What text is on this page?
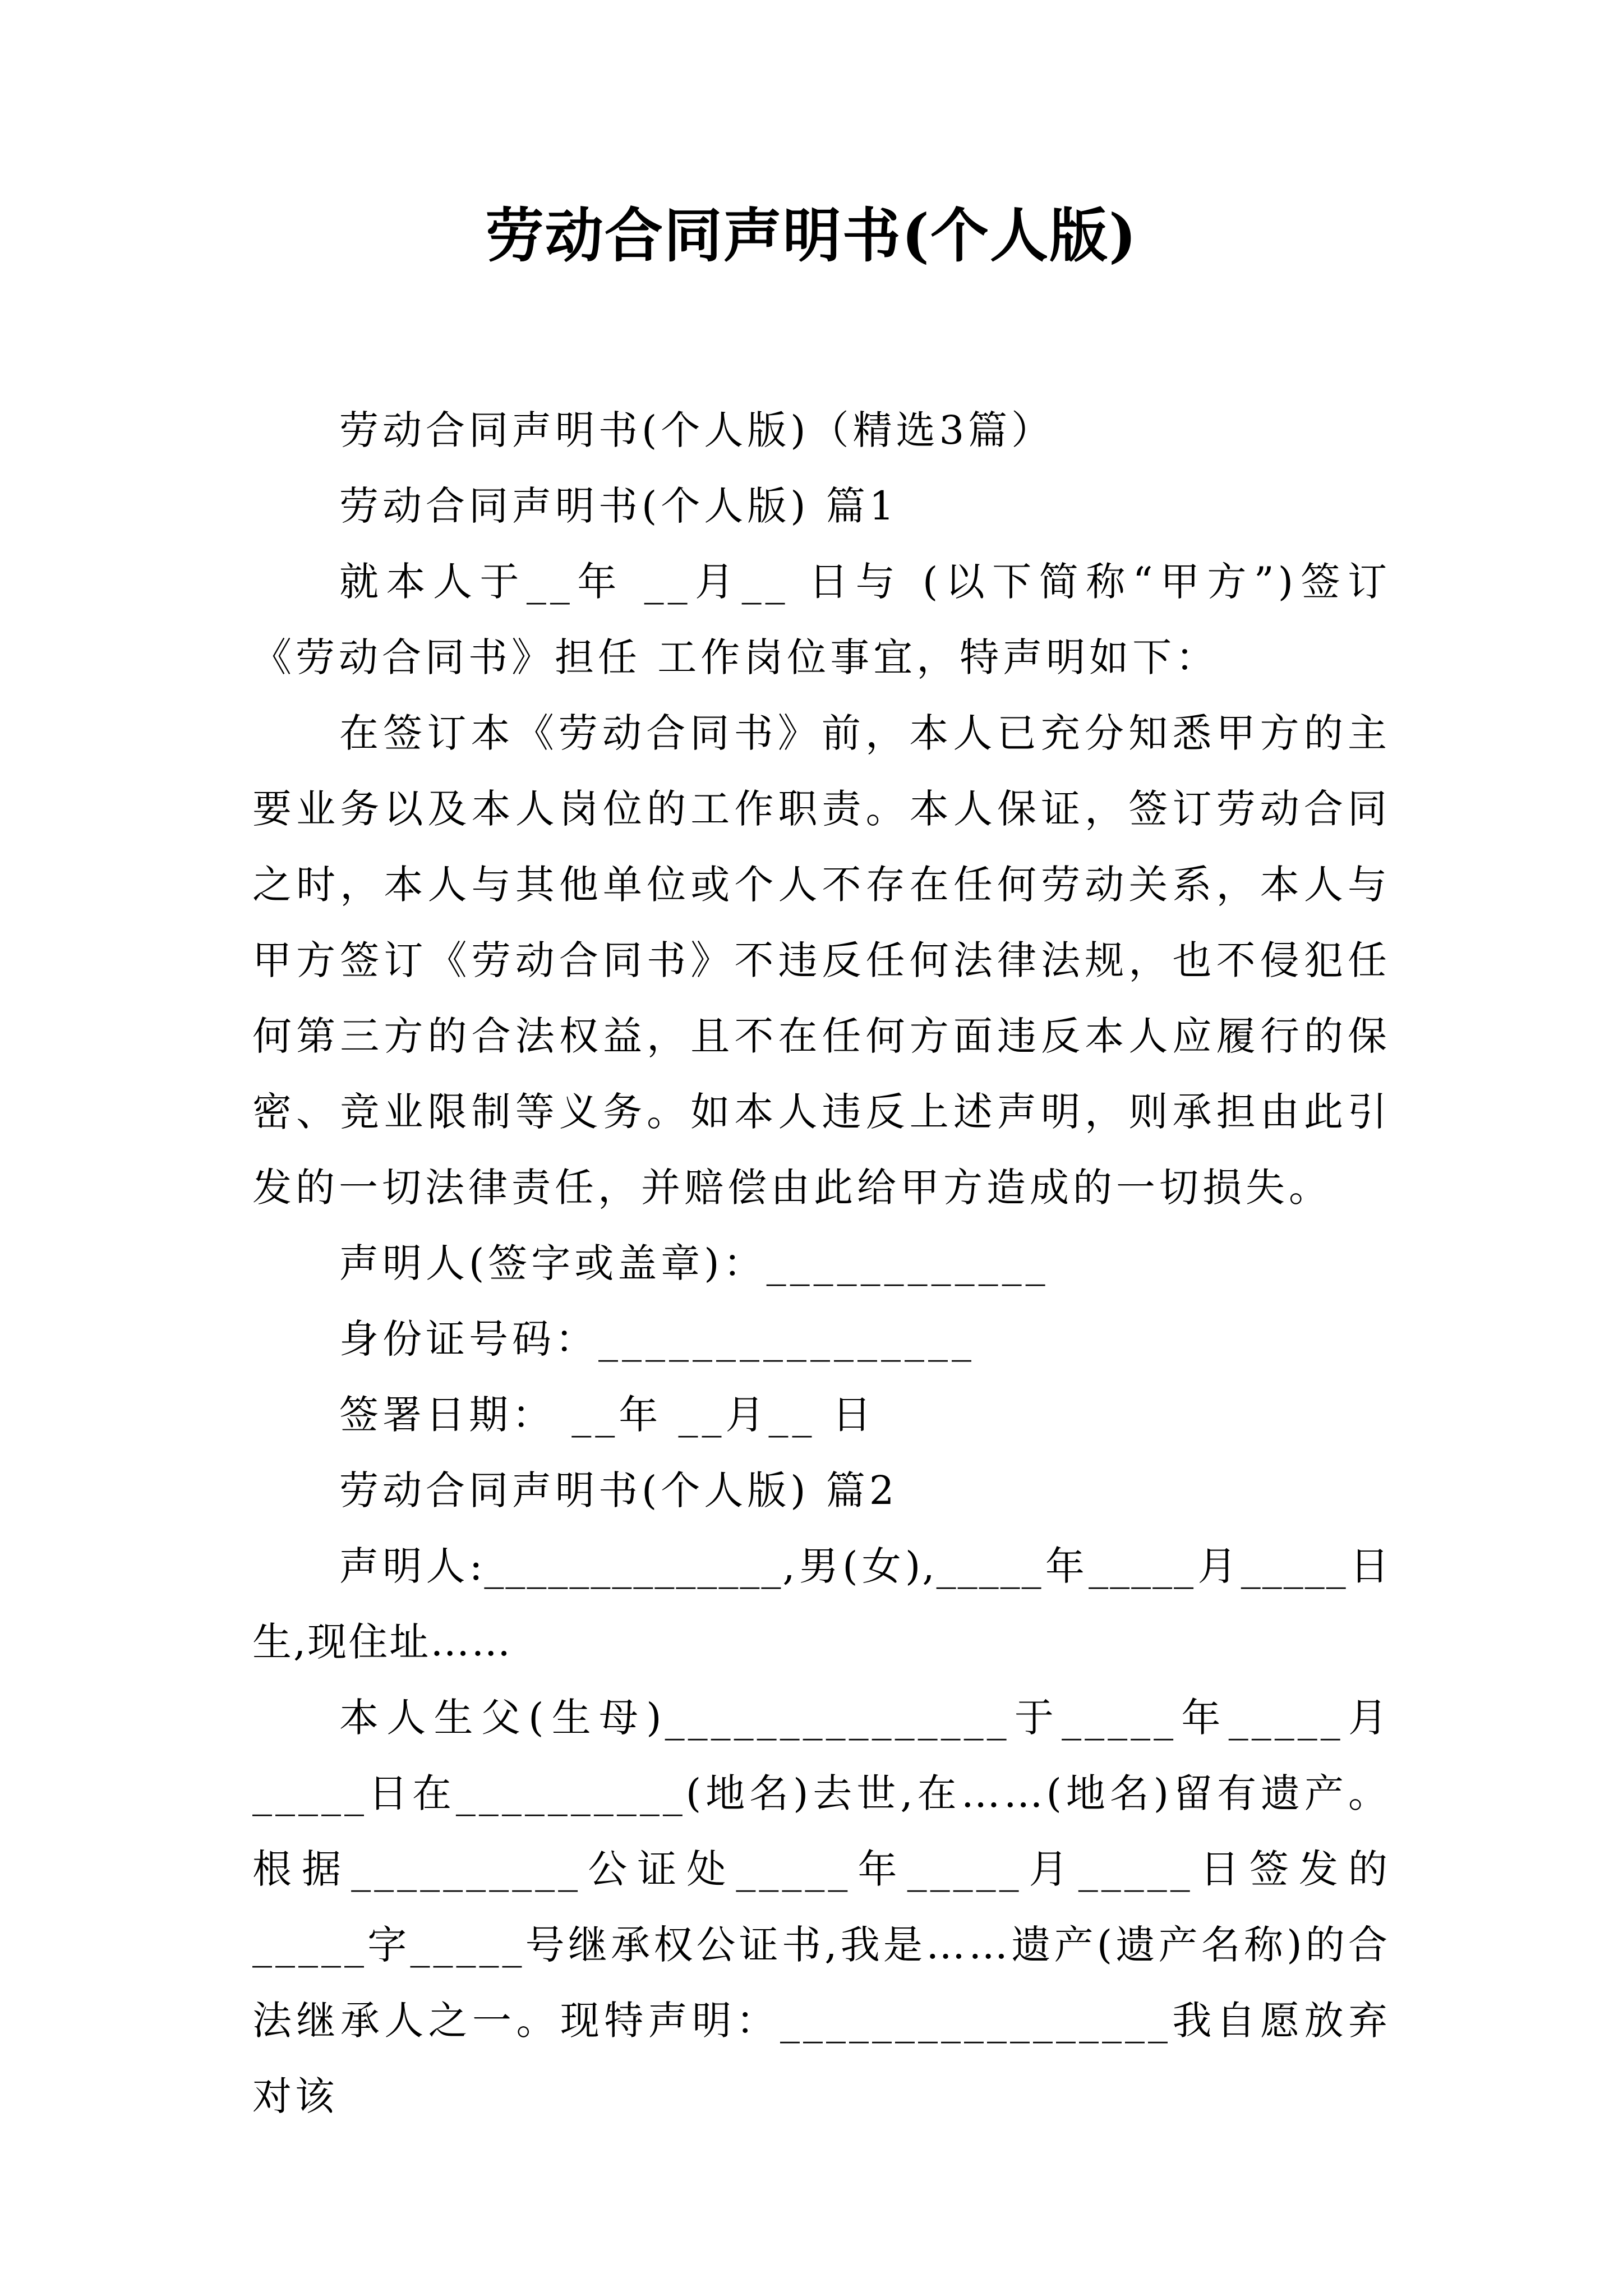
劳动合同声明书(个人版)

劳动合同声明书(个人版)（精选3篇）

劳动合同声明书(个人版) 篇1

就本人于__年 __月__ 日与 (以下简称“甲方”)签订《劳动合同书》担任 工作岗位事宜，特声明如下：

在签订本《劳动合同书》前，本人已充分知悉甲方的主要业务以及本人岗位的工作职责。本人保证，签订劳动合同之时，本人与其他单位或个人不存在任何劳动关系，本人与甲方签订《劳动合同书》不违反任何法律法规，也不侵犯任何第三方的合法权益，且不在任何方面违反本人应履行的保密、竞业限制等义务。如本人违反上述声明，则承担由此引发的一切法律责任，并赔偿由此给甲方造成的一切损失。

声明人(签字或盖章)：____________

身份证号码：________________

签署日期： __年 __月__ 日

劳动合同声明书(个人版) 篇2

声明人:______________,男(女),_____年_____月_____日生,现住址……

本人生父(生母)_______________于_____年_____月_____日在__________(地名)去世,在……(地名)留有遗产。根据__________公证处_____年_____月_____日签发的_____字_____号继承权公证书,我是……遗产(遗产名称)的合法继承人之一。现特声明：_________________我自愿放弃对该
